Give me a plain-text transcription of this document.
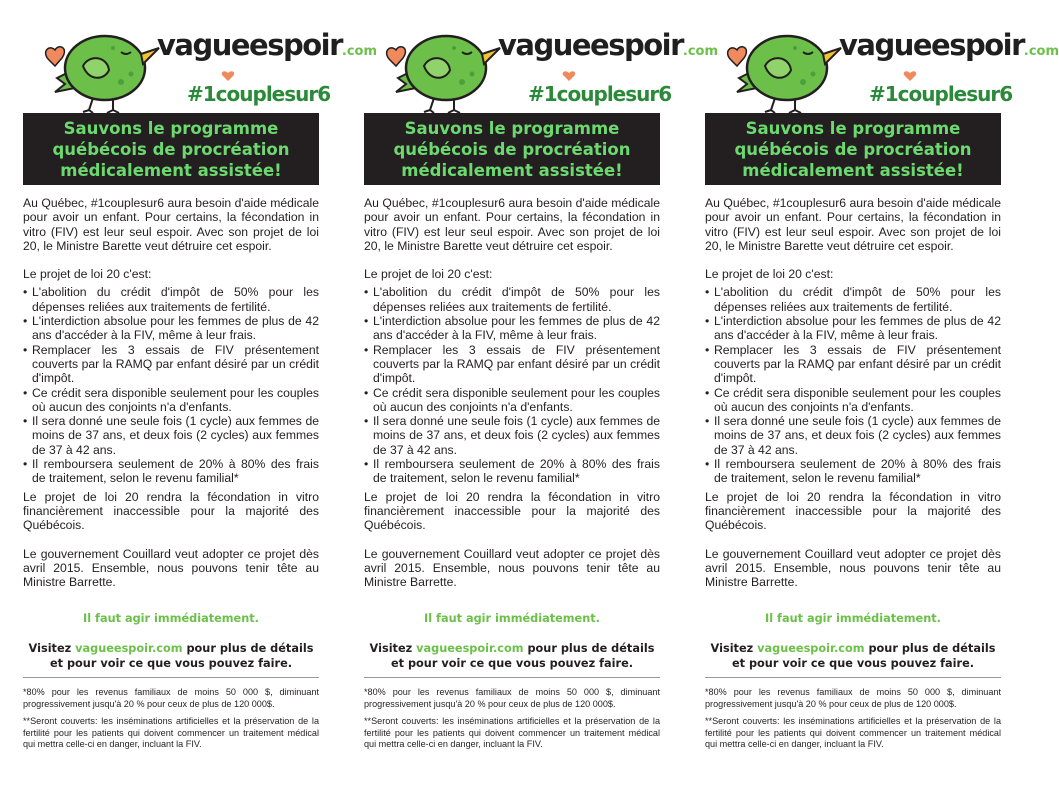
vagueespoir.com
#1couplesur6
Sauvons le programme
québécois de procréation
médicalement assistée!

Au Québec, #1couplesur6 aura besoin d'aide médicale pour avoir un enfant. Pour certains, la fécondation in vitro (FIV) est leur seul espoir. Avec son projet de loi 20, le Ministre Barette veut détruire cet espoir.

Le projet de loi 20 c'est:

• L'abolition du crédit d'impôt de 50% pour les dépenses reliées aux traitements de fertilité.
• L'interdiction absolue pour les femmes de plus de 42 ans d'accéder à la FIV, même à leur frais.
• Remplacer les 3 essais de FIV présentement couverts par la RAMQ par enfant désiré par un crédit d'impôt.
• Ce crédit sera disponible seulement pour les couples où aucun des conjoints n'a d'enfants.
• Il sera donné une seule fois (1 cycle) aux femmes de moins de 37 ans, et deux fois (2 cycles) aux femmes de 37 à 42 ans.
• Il remboursera seulement de 20% à 80% des frais de traitement, selon le revenu familial*

Le projet de loi 20 rendra la fécondation in vitro financièrement inaccessible pour la majorité des Québécois.

Le gouvernement Couillard veut adopter ce projet dès avril 2015. Ensemble, nous pouvons tenir tête au Ministre Barrette.

Il faut agir immédiatement.
Visitez vagueespoir.com pour plus de détails
et pour voir ce que vous pouvez faire.

*80% pour les revenus familiaux de moins 50 000 $, diminuant progressivement jusqu'à 20 % pour ceux de plus de 120 000$.

**Seront couverts: les inséminations artificielles et la préservation de la fertilité pour les patients qui doivent commencer un traitement médical qui mettra celle-ci en danger, incluant la FIV.

vagueespoir.com
#1couplesur6
Sauvons le programme
québécois de procréation
médicalement assistée!

Au Québec, #1couplesur6 aura besoin d'aide médicale pour avoir un enfant. Pour certains, la fécondation in vitro (FIV) est leur seul espoir. Avec son projet de loi 20, le Ministre Barette veut détruire cet espoir.

Le projet de loi 20 c'est:

• L'abolition du crédit d'impôt de 50% pour les dépenses reliées aux traitements de fertilité.
• L'interdiction absolue pour les femmes de plus de 42 ans d'accéder à la FIV, même à leur frais.
• Remplacer les 3 essais de FIV présentement couverts par la RAMQ par enfant désiré par un crédit d'impôt.
• Ce crédit sera disponible seulement pour les couples où aucun des conjoints n'a d'enfants.
• Il sera donné une seule fois (1 cycle) aux femmes de moins de 37 ans, et deux fois (2 cycles) aux femmes de 37 à 42 ans.
• Il remboursera seulement de 20% à 80% des frais de traitement, selon le revenu familial*

Le projet de loi 20 rendra la fécondation in vitro financièrement inaccessible pour la majorité des Québécois.

Le gouvernement Couillard veut adopter ce projet dès avril 2015. Ensemble, nous pouvons tenir tête au Ministre Barrette.

Il faut agir immédiatement.
Visitez vagueespoir.com pour plus de détails
et pour voir ce que vous pouvez faire.

*80% pour les revenus familiaux de moins 50 000 $, diminuant progressivement jusqu'à 20 % pour ceux de plus de 120 000$.

**Seront couverts: les inséminations artificielles et la préservation de la fertilité pour les patients qui doivent commencer un traitement médical qui mettra celle-ci en danger, incluant la FIV.

vagueespoir.com
#1couplesur6
Sauvons le programme
québécois de procréation
médicalement assistée!

Au Québec, #1couplesur6 aura besoin d'aide médicale pour avoir un enfant. Pour certains, la fécondation in vitro (FIV) est leur seul espoir. Avec son projet de loi 20, le Ministre Barette veut détruire cet espoir.

Le projet de loi 20 c'est:

• L'abolition du crédit d'impôt de 50% pour les dépenses reliées aux traitements de fertilité.
• L'interdiction absolue pour les femmes de plus de 42 ans d'accéder à la FIV, même à leur frais.
• Remplacer les 3 essais de FIV présentement couverts par la RAMQ par enfant désiré par un crédit d'impôt.
• Ce crédit sera disponible seulement pour les couples où aucun des conjoints n'a d'enfants.
• Il sera donné une seule fois (1 cycle) aux femmes de moins de 37 ans, et deux fois (2 cycles) aux femmes de 37 à 42 ans.
• Il remboursera seulement de 20% à 80% des frais de traitement, selon le revenu familial*

Le projet de loi 20 rendra la fécondation in vitro financièrement inaccessible pour la majorité des Québécois.

Le gouvernement Couillard veut adopter ce projet dès avril 2015. Ensemble, nous pouvons tenir tête au Ministre Barrette.

Il faut agir immédiatement.
Visitez vagueespoir.com pour plus de détails
et pour voir ce que vous pouvez faire.

*80% pour les revenus familiaux de moins 50 000 $, diminuant progressivement jusqu'à 20 % pour ceux de plus de 120 000$.

**Seront couverts: les inséminations artificielles et la préservation de la fertilité pour les patients qui doivent commencer un traitement médical qui mettra celle-ci en danger, incluant la FIV.
